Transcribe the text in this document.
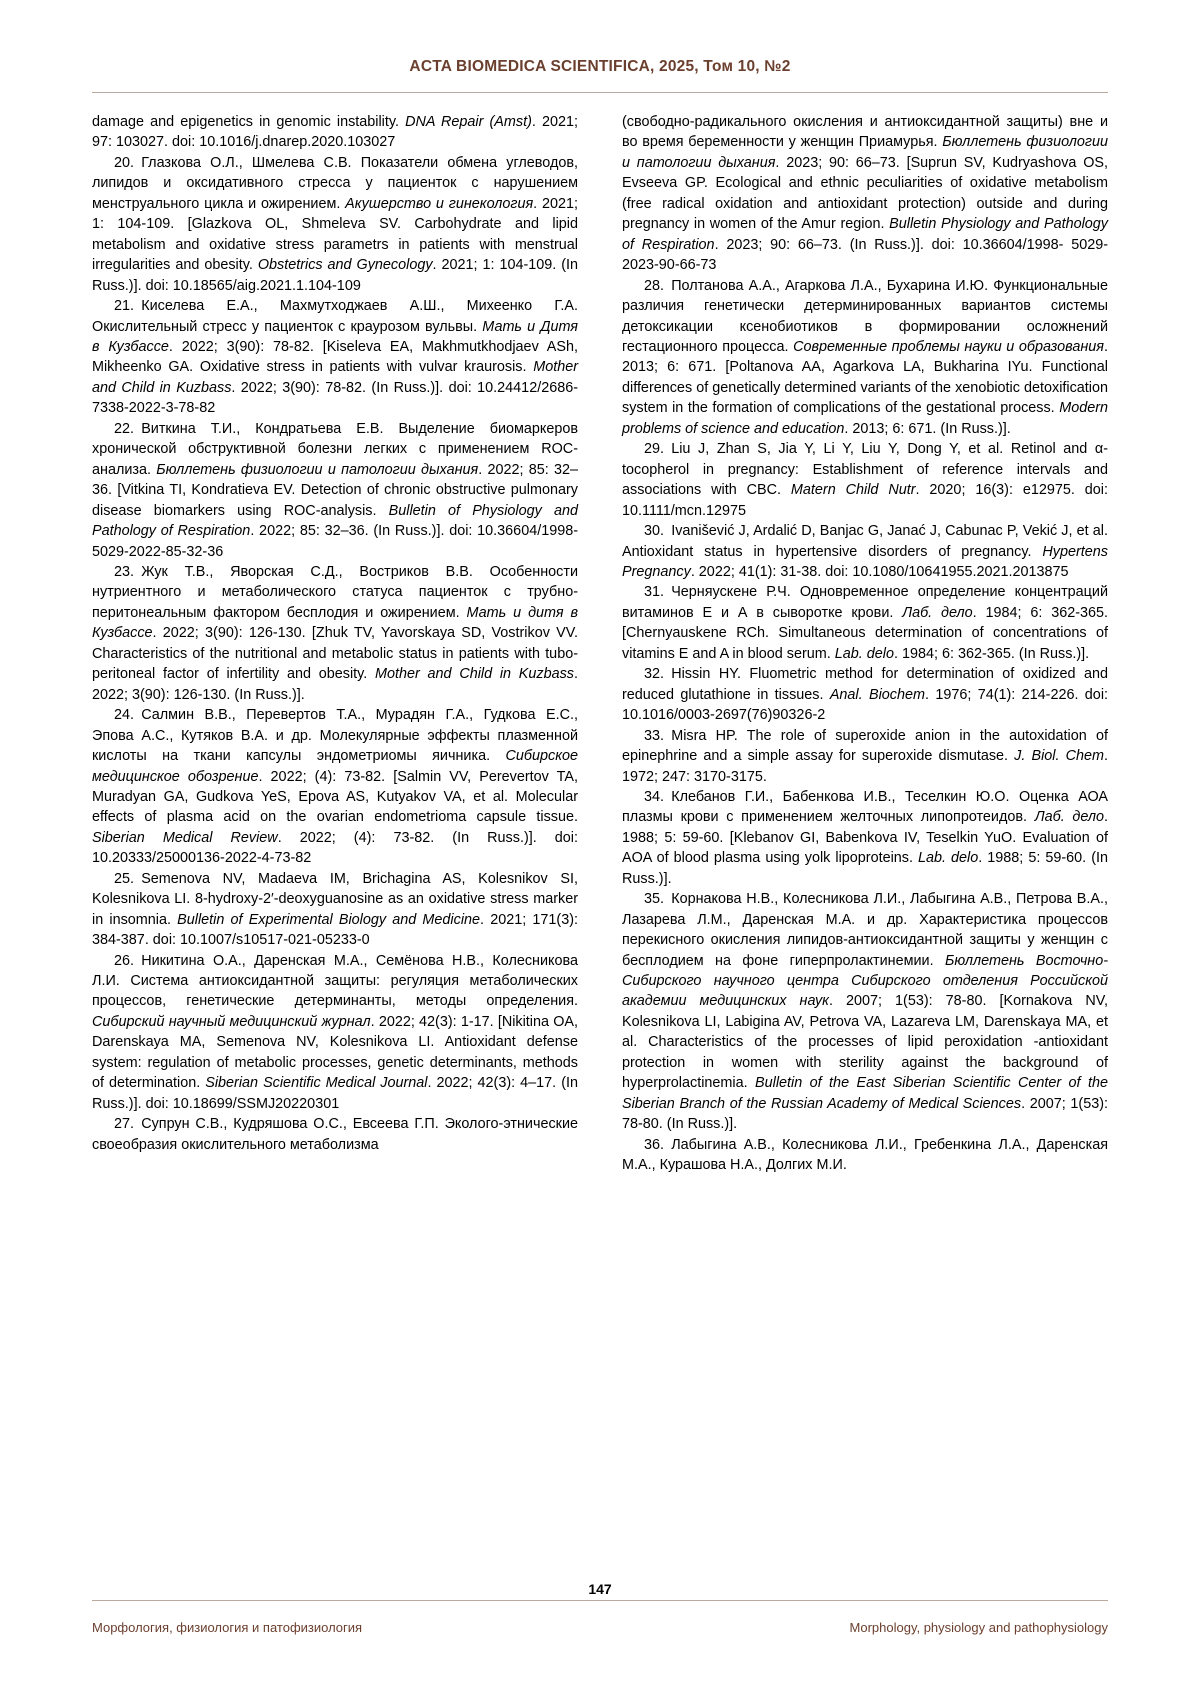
ACTA BIOMEDICA SCIENTIFICA, 2025, Том 10, №2

damage and epigenetics in genomic instability. DNA Repair (Amst). 2021; 97: 103027. doi: 10.1016/j.dnarep.2020.103027

20. Глазкова О.Л., Шмелева С.В. Показатели обмена углеводов, липидов и оксидативного стресса у пациенток с нарушением менструального цикла и ожирением. Акушерство и гинекология. 2021; 1: 104-109. [Glazkova OL, Shmeleva SV. Carbohydrate and lipid metabolism and oxidative stress parametrs in patients with menstrual irregularities and obesity. Obstetrics and Gynecology. 2021; 1: 104-109. (In Russ.)]. doi: 10.18565/aig.2021.1.104-109

21. Киселева Е.А., Махмутходжаев А.Ш., Михеенко Г.А. Окислительный стресс у пациенток с краурозом вульвы. Мать и Дитя в Кузбассе. 2022; 3(90): 78-82. [Kiseleva EA, Makhmutkhodjaev ASh, Mikheenko GA. Oxidative stress in patients with vulvar kraurosis. Mother and Child in Kuzbass. 2022; 3(90): 78-82. (In Russ.)]. doi: 10.24412/2686-7338-2022-3-78-82

22. Виткина Т.И., Кондратьева Е.В. Выделение биомаркеров хронической обструктивной болезни легких с применением ROC-анализа. Бюллетень физиологии и патологии дыхания. 2022; 85: 32–36. [Vitkina TI, Kondratieva EV. Detection of chronic obstructive pulmonary disease biomarkers using ROC-analysis. Bulletin of Physiology and Pathology of Respiration. 2022; 85: 32–36. (In Russ.)]. doi: 10.36604/1998-5029-2022-85-32-36

23. Жук Т.В., Яворская С.Д., Востриков В.В. Особенности нутриентного и метаболического статуса пациенток с трубно-перитонеальным фактором бесплодия и ожирением. Мать и дитя в Кузбассе. 2022; 3(90): 126-130. [Zhuk TV, Yavorskaya SD, Vostrikov VV. Characteristics of the nutritional and metabolic status in patients with tubo-peritoneal factor of infertility and obesity. Mother and Child in Kuzbass. 2022; 3(90): 126-130. (In Russ.)].

24. Салмин В.В., Перевертов Т.А., Мурадян Г.А., Гудкова Е.С., Эпова А.С., Кутяков В.А. и др. Молекулярные эффекты плазменной кислоты на ткани капсулы эндометриомы яичника. Сибирское медицинское обозрение. 2022; (4): 73-82. [Salmin VV, Perevertov TA, Muradyan GA, Gudkova YeS, Epova AS, Kutyakov VA, et al. Molecular effects of plasma acid on the ovarian endometrioma capsule tissue. Siberian Medical Review. 2022; (4): 73-82. (In Russ.)]. doi: 10.20333/25000136-2022-4-73-82

25. Semenova NV, Madaeva IM, Brichagina AS, Kolesnikov SI, Kolesnikova LI. 8-hydroxy-2′-deoxyguanosine as an oxidative stress marker in insomnia. Bulletin of Experimental Biology and Medicine. 2021; 171(3): 384-387. doi: 10.1007/s10517-021-05233-0

26. Никитина О.А., Даренская М.А., Семёнова Н.В., Колесникова Л.И. Система антиоксидантной защиты: регуляция метаболических процессов, генетические детерминанты, методы определения. Сибирский научный медицинский журнал. 2022; 42(3): 1-17. [Nikitina OA, Darenskaya MA, Semenova NV, Kolesnikova LI. Antioxidant defense system: regulation of metabolic processes, genetic determinants, methods of determination. Siberian Scientific Medical Journal. 2022; 42(3): 4–17. (In Russ.)]. doi: 10.18699/SSMJ20220301

27. Супрун С.В., Кудряшова О.С., Евсеева Г.П. Эколого-этнические своеобразия окислительного метаболизма

(свободно-радикального окисления и антиоксидантной защиты) вне и во время беременности у женщин Приамурья. Бюллетень физиологии и патологии дыхания. 2023; 90: 66–73. [Suprun SV, Kudryashova OS, Evseeva GP. Ecological and ethnic peculiarities of oxidative metabolism (free radical oxidation and antioxidant protection) outside and during pregnancy in women of the Amur region. Bulletin Physiology and Pathology of Respiration. 2023; 90: 66–73. (In Russ.)]. doi: 10.36604/1998- 5029-2023-90-66-73

28. Полтанова А.А., Агаркова Л.А., Бухарина И.Ю. Функциональные различия генетически детерминированных вариантов системы детоксикации ксенобиотиков в формировании осложнений гестационного процесса. Современные проблемы науки и образования. 2013; 6: 671. [Poltanova AA, Agarkova LA, Bukharina IYu. Functional differences of genetically determined variants of the xenobiotic detoxification system in the formation of complications of the gestational process. Modern problems of science and education. 2013; 6: 671. (In Russ.)].

29. Liu J, Zhan S, Jia Y, Li Y, Liu Y, Dong Y, et al. Retinol and α-tocopherol in pregnancy: Establishment of reference intervals and associations with CBC. Matern Child Nutr. 2020; 16(3): e12975. doi: 10.1111/mcn.12975

30. Ivanišević J, Ardalić D, Banjac G, Janać J, Cabunac P, Vekić J, et al. Antioxidant status in hypertensive disorders of pregnancy. Hypertens Pregnancy. 2022; 41(1): 31-38. doi: 10.1080/10641955.2021.2013875

31. Черняускене Р.Ч. Одновременное определение концентраций витаминов Е и А в сыворотке крови. Лаб. дело. 1984; 6: 362-365. [Chernyauskene RCh. Simultaneous determination of concentrations of vitamins E and A in blood serum. Lab. delo. 1984; 6: 362-365. (In Russ.)].

32. Hissin HY. Fluometric method for determination of oxidized and reduced glutathione in tissues. Anal. Biochem. 1976; 74(1): 214-226. doi: 10.1016/0003-2697(76)90326-2

33. Misra HP. The role of superoxide anion in the autoxidation of epinephrine and a simple assay for superoxide dismutase. J. Biol. Chem. 1972; 247: 3170-3175.

34. Клебанов Г.И., Бабенкова И.В., Теселкин Ю.О. Оценка АОА плазмы крови с применением желточных липопротеидов. Лаб. дело. 1988; 5: 59-60. [Klebanov GI, Babenkova IV, Teselkin YuO. Evaluation of AOA of blood plasma using yolk lipoproteins. Lab. delo. 1988; 5: 59-60. (In Russ.)].

35. Корнакова Н.В., Колесникова Л.И., Лабыгина А.В., Петрова В.А., Лазарева Л.М., Даренская М.А. и др. Характеристика процессов перекисного окисления липидов-антиоксидантной защиты у женщин с бесплодием на фоне гиперпролактинемии. Бюллетень Восточно-Сибирского научного центра Сибирского отделения Российской академии медицинских наук. 2007; 1(53): 78-80. [Kornakova NV, Kolesnikova LI, Labigina AV, Petrova VA, Lazareva LM, Darenskaya MA, et al. Characteristics of the processes of lipid peroxidation -antioxidant protection in women with sterility against the background of hyperprolactinemia. Bulletin of the East Siberian Scientific Center of the Siberian Branch of the Russian Academy of Medical Sciences. 2007; 1(53): 78-80. (In Russ.)].

36. Лабыгина А.В., Колесникова Л.И., Гребенкина Л.А., Даренская М.А., Курашова Н.А., Долгих М.И.

147
Морфология, физиология и патофизиология	Morphology, physiology and pathophysiology
